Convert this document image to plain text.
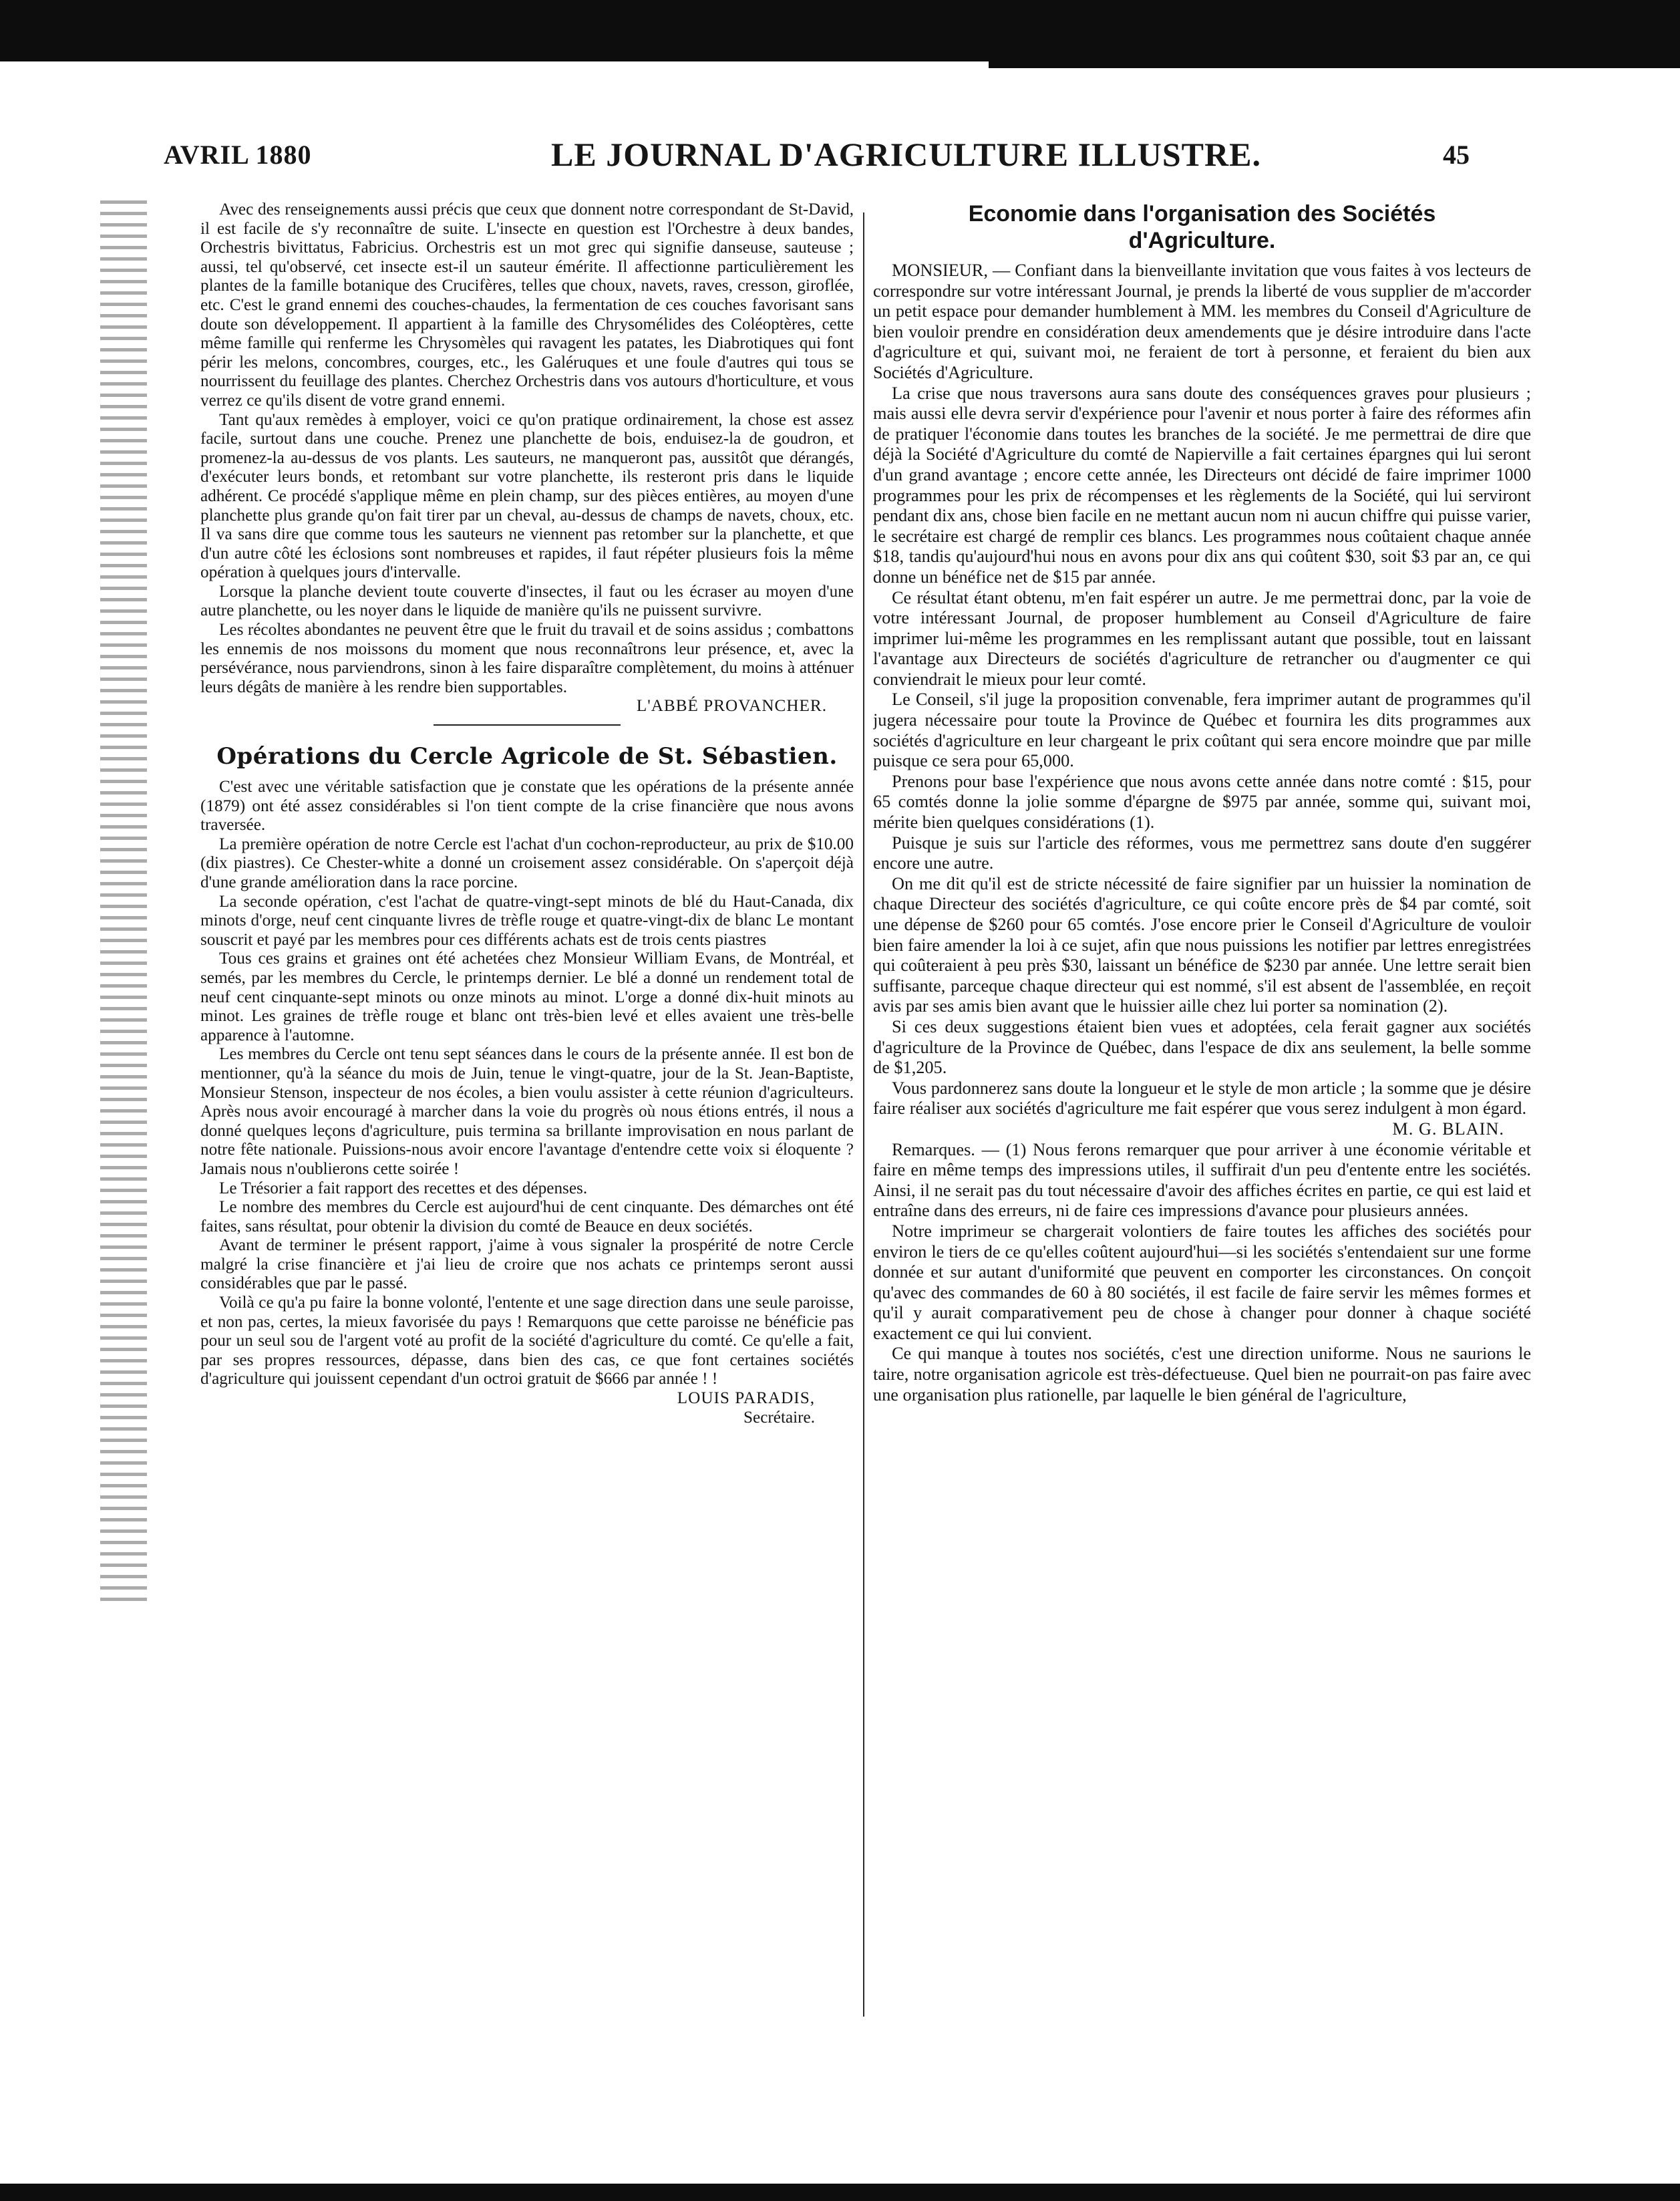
AVRIL 1880	LE JOURNAL D'AGRICULTURE ILLUSTRE.	45

Avec des renseignements aussi précis que ceux que donnent notre correspondant de St-David, il est facile de s'y reconnaître de suite. L'insecte en question est l'Orchestre à deux bandes, Orchestris bivittatus, Fabricius. Orchestris est un mot grec qui signifie danseuse, sauteuse ; aussi, tel qu'observé, cet insecte est-il un sauteur émérite. Il affectionne particulièrement les plantes de la famille botanique des Crucifères, telles que choux, navets, raves, cresson, giroflée, etc. C'est le grand ennemi des couches-chaudes, la fermentation de ces couches favorisant sans doute son développement. Il appartient à la famille des Chrysomélides des Coléoptères, cette même famille qui renferme les Chrysomèles qui ravagent les patates, les Diabrotiques qui font périr les melons, concombres, courges, etc., les Galéruques et une foule d'autres qui tous se nourrissent du feuillage des plantes. Cherchez Orchestris dans vos autours d'horticulture, et vous verrez ce qu'ils disent de votre grand ennemi.

Tant qu'aux remèdes à employer, voici ce qu'on pratique ordinairement, la chose est assez facile, surtout dans une couche. Prenez une planchette de bois, enduisez-la de goudron, et promenez-la au-dessus de vos plants. Les sauteurs, ne manqueront pas, aussitôt que dérangés, d'exécuter leurs bonds, et retombant sur votre planchette, ils resteront pris dans le liquide adhérent. Ce procédé s'applique même en plein champ, sur des pièces entières, au moyen d'une planchette plus grande qu'on fait tirer par un cheval, au-dessus de champs de navets, choux, etc. Il va sans dire que comme tous les sauteurs ne viennent pas retomber sur la planchette, et que d'un autre côté les éclosions sont nombreuses et rapides, il faut répéter plusieurs fois la même opération à quelques jours d'intervalle.

Lorsque la planche devient toute couverte d'insectes, il faut ou les écraser au moyen d'une autre planchette, ou les noyer dans le liquide de manière qu'ils ne puissent survivre.

Les récoltes abondantes ne peuvent être que le fruit du travail et de soins assidus ; combattons les ennemis de nos moissons du moment que nous reconnaîtrons leur présence, et, avec la persévérance, nous parviendrons, sinon à les faire disparaître complètement, du moins à atténuer leurs dégâts de manière à les rendre bien supportables.

L'ABBÉ PROVANCHER.

Opérations du Cercle Agricole de St. Sébastien.

C'est avec une véritable satisfaction que je constate que les opérations de la présente année (1879) ont été assez considérables si l'on tient compte de la crise financière que nous avons traversée.

La première opération de notre Cercle est l'achat d'un cochon-reproducteur, au prix de $10.00 (dix piastres). Ce Chester-white a donné un croisement assez considérable. On s'aperçoit déjà d'une grande amélioration dans la race porcine.

La seconde opération, c'est l'achat de quatre-vingt-sept minots de blé du Haut-Canada, dix minots d'orge, neuf cent cinquante livres de trèfle rouge et quatre-vingt-dix de blanc Le montant souscrit et payé par les membres pour ces différents achats est de trois cents piastres

Tous ces grains et graines ont été achetées chez Monsieur William Evans, de Montréal, et semés, par les membres du Cercle, le printemps dernier. Le blé a donné un rendement total de neuf cent cinquante-sept minots ou onze minots au minot. L'orge a donné dix-huit minots au minot. Les graines de trèfle rouge et blanc ont très-bien levé et elles avaient une très-belle apparence à l'automne.

Les membres du Cercle ont tenu sept séances dans le cours de la présente année. Il est bon de mentionner, qu'à la séance du mois de Juin, tenue le vingt-quatre, jour de la St. Jean-Baptiste, Monsieur Stenson, inspecteur de nos écoles, a bien voulu assister à cette réunion d'agriculteurs. Après nous avoir encouragé à marcher dans la voie du progrès où nous étions entrés, il nous a donné quelques leçons d'agriculture, puis termina sa brillante improvisation en nous parlant de notre fête nationale. Puissions-nous avoir encore l'avantage d'entendre cette voix si éloquente ? Jamais nous n'oublierons cette soirée !

Le Trésorier a fait rapport des recettes et des dépenses.

Le nombre des membres du Cercle est aujourd'hui de cent cinquante. Des démarches ont été faites, sans résultat, pour obtenir la division du comté de Beauce en deux sociétés.

Avant de terminer le présent rapport, j'aime à vous signaler la prospérité de notre Cercle malgré la crise financière et j'ai lieu de croire que nos achats ce printemps seront aussi considérables que par le passé.

Voilà ce qu'a pu faire la bonne volonté, l'entente et une sage direction dans une seule paroisse, et non pas, certes, la mieux favorisée du pays ! Remarquons que cette paroisse ne bénéficie pas pour un seul sou de l'argent voté au profit de la société d'agriculture du comté. Ce qu'elle a fait, par ses propres ressources, dépasse, dans bien des cas, ce que font certaines sociétés d'agriculture qui jouissent cependant d'un octroi gratuit de $666 par année ! !

LOUIS PARADIS,

Secrétaire.

Economie dans l'organisation des Sociétés
d'Agriculture.

MONSIEUR, — Confiant dans la bienveillante invitation que vous faites à vos lecteurs de correspondre sur votre intéressant Journal, je prends la liberté de vous supplier de m'accorder un petit espace pour demander humblement à MM. les membres du Conseil d'Agriculture de bien vouloir prendre en considération deux amendements que je désire introduire dans l'acte d'agriculture et qui, suivant moi, ne feraient de tort à personne, et feraient du bien aux Sociétés d'Agriculture.

La crise que nous traversons aura sans doute des conséquences graves pour plusieurs ; mais aussi elle devra servir d'expérience pour l'avenir et nous porter à faire des réformes afin de pratiquer l'économie dans toutes les branches de la société. Je me permettrai de dire que déjà la Société d'Agriculture du comté de Napierville a fait certaines épargnes qui lui seront d'un grand avantage ; encore cette année, les Directeurs ont décidé de faire imprimer 1000 programmes pour les prix de récompenses et les règlements de la Société, qui lui serviront pendant dix ans, chose bien facile en ne mettant aucun nom ni aucun chiffre qui puisse varier, le secrétaire est chargé de remplir ces blancs. Les programmes nous coûtaient chaque année $18, tandis qu'aujourd'hui nous en avons pour dix ans qui coûtent $30, soit $3 par an, ce qui donne un bénéfice net de $15 par année.

Ce résultat étant obtenu, m'en fait espérer un autre. Je me permettrai donc, par la voie de votre intéressant Journal, de proposer humblement au Conseil d'Agriculture de faire imprimer lui-même les programmes en les remplissant autant que possible, tout en laissant l'avantage aux Directeurs de sociétés d'agriculture de retrancher ou d'augmenter ce qui conviendrait le mieux pour leur comté.

Le Conseil, s'il juge la proposition convenable, fera imprimer autant de programmes qu'il jugera nécessaire pour toute la Province de Québec et fournira les dits programmes aux sociétés d'agriculture en leur chargeant le prix coûtant qui sera encore moindre que par mille puisque ce sera pour 65,000.

Prenons pour base l'expérience que nous avons cette année dans notre comté : $15, pour 65 comtés donne la jolie somme d'épargne de $975 par année, somme qui, suivant moi, mérite bien quelques considérations (1).

Puisque je suis sur l'article des réformes, vous me permettrez sans doute d'en suggérer encore une autre.

On me dit qu'il est de stricte nécessité de faire signifier par un huissier la nomination de chaque Directeur des sociétés d'agriculture, ce qui coûte encore près de $4 par comté, soit une dépense de $260 pour 65 comtés. J'ose encore prier le Conseil d'Agriculture de vouloir bien faire amender la loi à ce sujet, afin que nous puissions les notifier par lettres enregistrées qui coûteraient à peu près $30, laissant un bénéfice de $230 par année. Une lettre serait bien suffisante, parceque chaque directeur qui est nommé, s'il est absent de l'assemblée, en reçoit avis par ses amis bien avant que le huissier aille chez lui porter sa nomination (2).

Si ces deux suggestions étaient bien vues et adoptées, cela ferait gagner aux sociétés d'agriculture de la Province de Québec, dans l'espace de dix ans seulement, la belle somme de $1,205.

Vous pardonnerez sans doute la longueur et le style de mon article ; la somme que je désire faire réaliser aux sociétés d'agriculture me fait espérer que vous serez indulgent à mon égard.

M. G. BLAIN.

Remarques. — (1) Nous ferons remarquer que pour arriver à une économie véritable et faire en même temps des impressions utiles, il suffirait d'un peu d'entente entre les sociétés. Ainsi, il ne serait pas du tout nécessaire d'avoir des affiches écrites en partie, ce qui est laid et entraîne dans des erreurs, ni de faire ces impressions d'avance pour plusieurs années.

Notre imprimeur se chargerait volontiers de faire toutes les affiches des sociétés pour environ le tiers de ce qu'elles coûtent aujourd'hui—si les sociétés s'entendaient sur une forme donnée et sur autant d'uniformité que peuvent en comporter les circonstances. On conçoit qu'avec des commandes de 60 à 80 sociétés, il est facile de faire servir les mêmes formes et qu'il y aurait comparativement peu de chose à changer pour donner à chaque société exactement ce qui lui convient.

Ce qui manque à toutes nos sociétés, c'est une direction uniforme. Nous ne saurions le taire, notre organisation agricole est très-défectueuse. Quel bien ne pourrait-on pas faire avec une organisation plus rationelle, par laquelle le bien général de l'agriculture,
